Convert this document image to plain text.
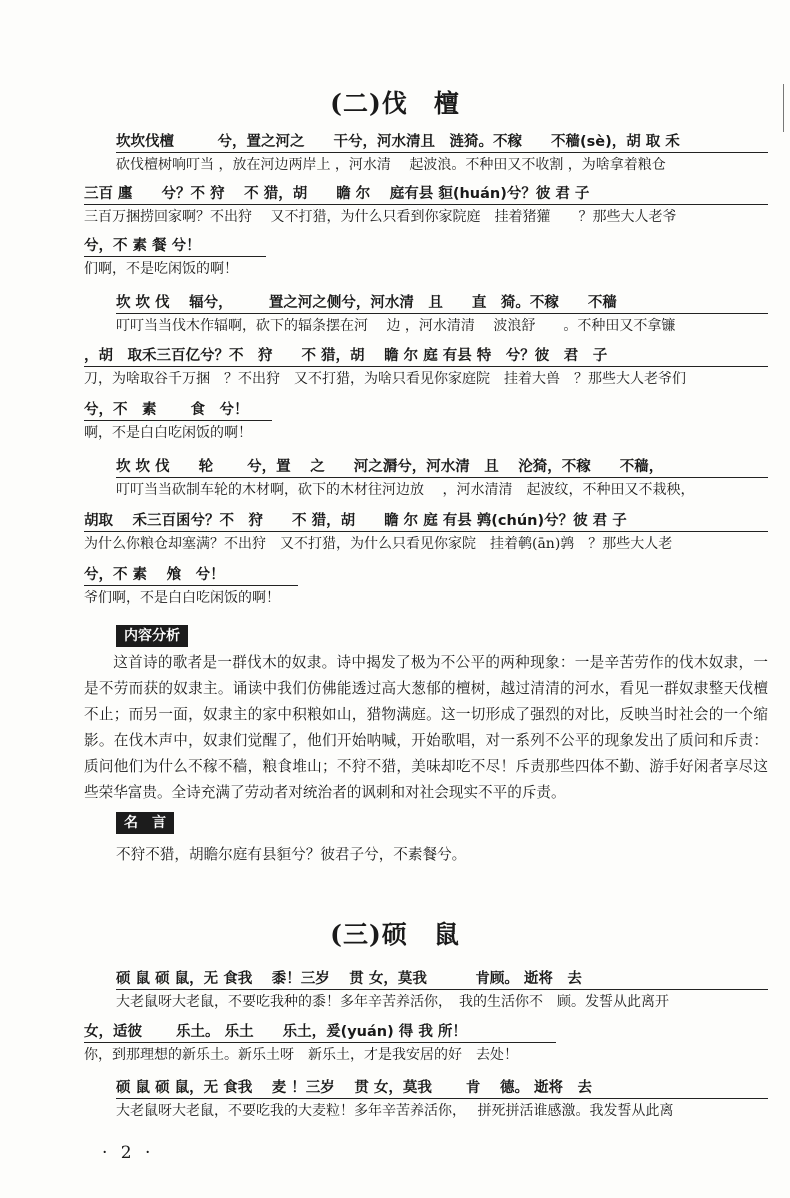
(二)伐　檀
坎坎伐檀　　　兮，置之河之　　干兮，河水清且　涟猗。不稼　　不穑(sè)，胡 取 禾
砍伐檀树响叮当 ，放在河边两岸上 ，河水清 　起波浪。不种田又不收割 ，为啥拿着粮仓
三百 廛　　兮？不 狩　 不 猎，胡　　瞻 尔　 庭有县 貆(huán)兮？彼 君 子
三百万捆捞回家啊？不出狩 　又不打猎，为什么只看到你家院庭　挂着猪獾　　？那些大人老爷
兮，不 素 餐 兮！
们啊，不是吃闲饭的啊！
坎 坎 伐　 辐兮，　　　置之河之侧兮，河水清　且　　直　猗。不稼　　不穑
叮叮当当伐木作辐啊，砍下的辐条摆在河　 边 ，河水清清　 波浪舒　　。不种田又不拿镰
，胡　取禾三百亿兮？不　狩　　不 猎，胡　 瞻 尔 庭 有县 特　兮？彼　君　子
刀，为啥取谷千万捆　？不出狩　又不打猎，为啥只看见你家庭院　挂着大兽　？那些大人老爷们
兮，不　素　　 食　兮！
啊，不是白白吃闲饭的啊！
坎 坎 伐　　轮　　 兮，置　 之　　河之漘兮，河水清　且　 沦猗，不稼　　不穑，
叮叮当当砍制车轮的木材啊，砍下的木材往河边放　 ，河水清清　起波纹，不种田又不栽秧，
胡取　 禾三百囷兮？不　狩　　不 猎，胡　　瞻 尔 庭 有县 鹑(chún)兮？彼 君 子
为什么你粮仓却塞满？不出狩　又不打猎，为什么只看见你家院　挂着鹌(ān)鹑　？那些大人老
兮，不 素　 飧　兮！
爷们啊，不是白白吃闲饭的啊！
内容分析

这首诗的歌者是一群伐木的奴隶。诗中揭发了极为不公平的两种现象：一是辛苦劳作的伐木奴隶，一是不劳而获的奴隶主。诵读中我们仿佛能透过高大葱郁的檀树，越过清清的河水，看见一群奴隶整天伐檀不止；而另一面，奴隶主的家中积粮如山，猎物满庭。这一切形成了强烈的对比，反映当时社会的一个缩影。在伐木声中，奴隶们觉醒了，他们开始呐喊，开始歌唱，对一系列不公平的现象发出了质问和斥责：质问他们为什么不稼不穑，粮食堆山；不狩不猎，美味却吃不尽！斥责那些四体不勤、游手好闲者享尽这些荣华富贵。全诗充满了劳动者对统治者的讽刺和对社会现实不平的斥责。

名　言

不狩不猎，胡瞻尔庭有县貆兮？彼君子兮，不素餐兮。

(三)硕　鼠
硕 鼠 硕 鼠，无 食我　 黍！三岁　 贯 女，莫我　　　 肯顾。 逝将　去
大老鼠呀大老鼠，不要吃我种的黍！多年辛苦养活你，　我的生活你不　顾。发誓从此离开
女，适彼　　 乐土。 乐土　　乐土，爰(yuán) 得 我 所！
你，到那理想的新乐土。新乐土呀　新乐土，才是我安居的好　去处！
硕 鼠 硕 鼠，无 食我　 麦 ！三岁　 贯 女，莫我　　 肯　 德。 逝将　去
大老鼠呀大老鼠，不要吃我的大麦粒！多年辛苦养活你，　 拼死拼活谁感激。我发誓从此离
· 2 ·
